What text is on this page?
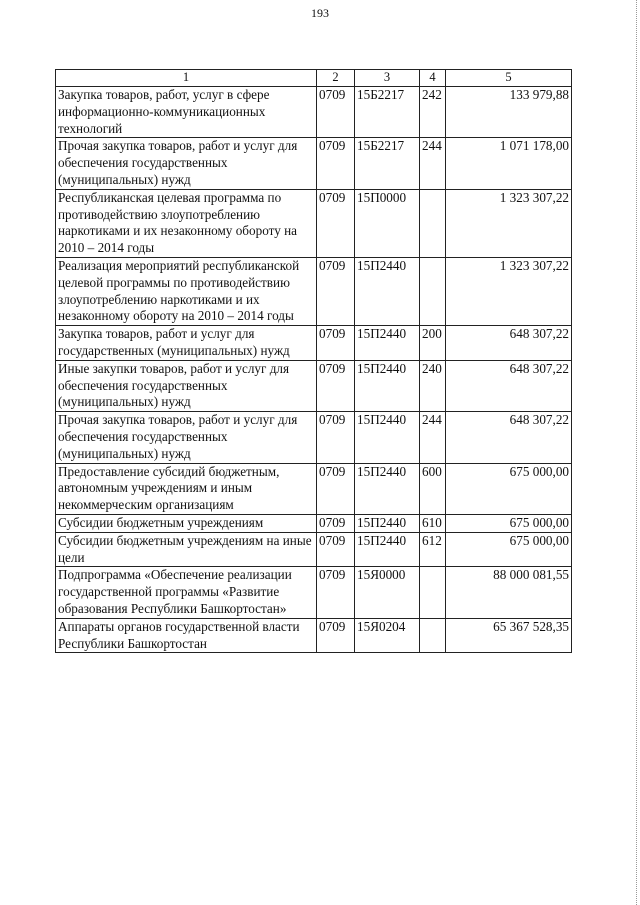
193
1	2	3	4	5
Закупка товаров, работ, услуг в сфере информационно-коммуникационных технологий	0709	15Б2217	242	133 979,88
Прочая закупка товаров, работ и услуг для обеспечения государственных (муниципальных) нужд	0709	15Б2217	244	1 071 178,00
Республиканская целевая программа по противодействию злоупотреблению наркотиками и их незаконному обороту на 2010 – 2014 годы	0709	15П0000		1 323 307,22
Реализация мероприятий республиканской целевой программы по противодействию злоупотреблению наркотиками и их незаконному обороту на 2010 – 2014 годы	0709	15П2440		1 323 307,22
Закупка товаров, работ и услуг для государственных (муниципальных) нужд	0709	15П2440	200	648 307,22
Иные закупки товаров, работ и услуг для обеспечения государственных (муниципальных) нужд	0709	15П2440	240	648 307,22
Прочая закупка товаров, работ и услуг для обеспечения государственных (муниципальных) нужд	0709	15П2440	244	648 307,22
Предоставление субсидий бюджетным, автономным учреждениям и иным некоммерческим организациям	0709	15П2440	600	675 000,00
Субсидии бюджетным учреждениям	0709	15П2440	610	675 000,00
Субсидии бюджетным учреждениям на иные цели	0709	15П2440	612	675 000,00
Подпрограмма «Обеспечение реализации государственной программы «Развитие образования Республики Башкортостан»	0709	15Я0000		88 000 081,55
Аппараты органов государственной власти Республики Башкортостан	0709	15Я0204		65 367 528,35
